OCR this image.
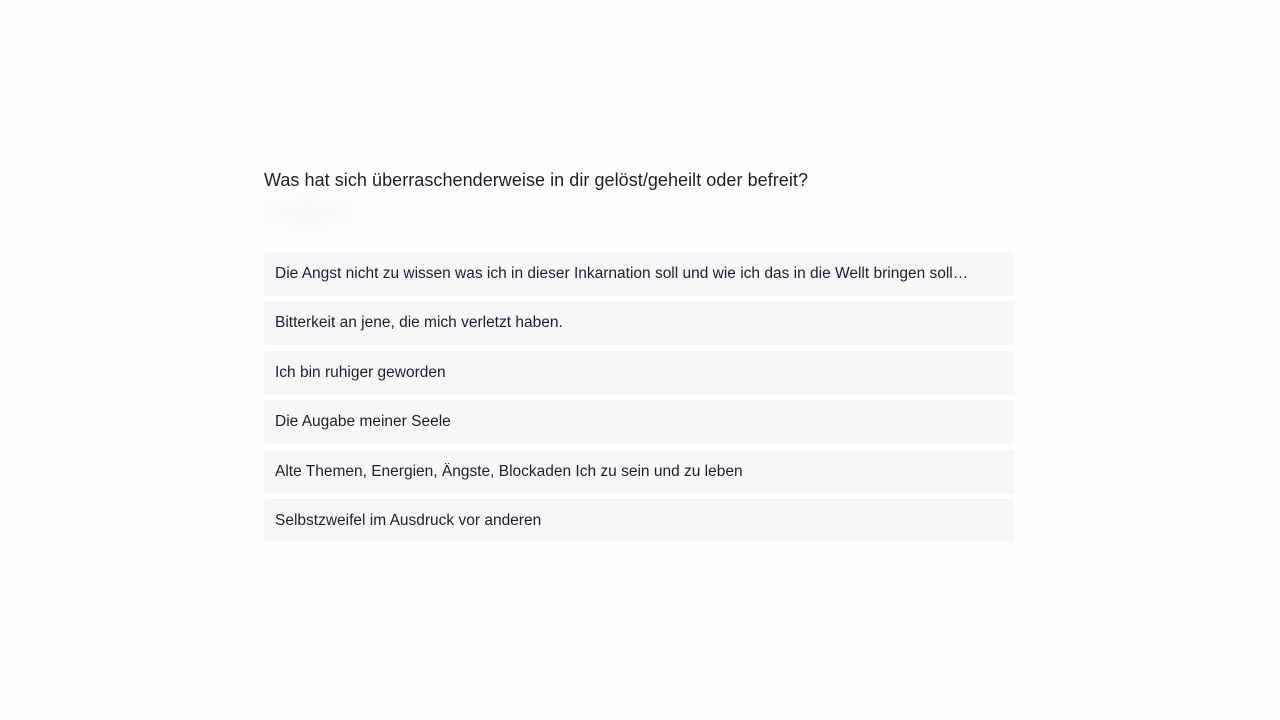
Was hat sich überraschenderweise in dir gelöst/geheilt oder befreit?
Die Angst nicht zu wissen was ich in dieser Inkarnation soll und wie ich das in die Wellt bringen soll…
Bitterkeit an jene, die mich verletzt haben.
Ich bin ruhiger geworden
Die Augabe meiner Seele
Alte Themen, Energien, Ängste, Blockaden Ich zu sein und zu leben
Selbstzweifel im Ausdruck vor anderen
